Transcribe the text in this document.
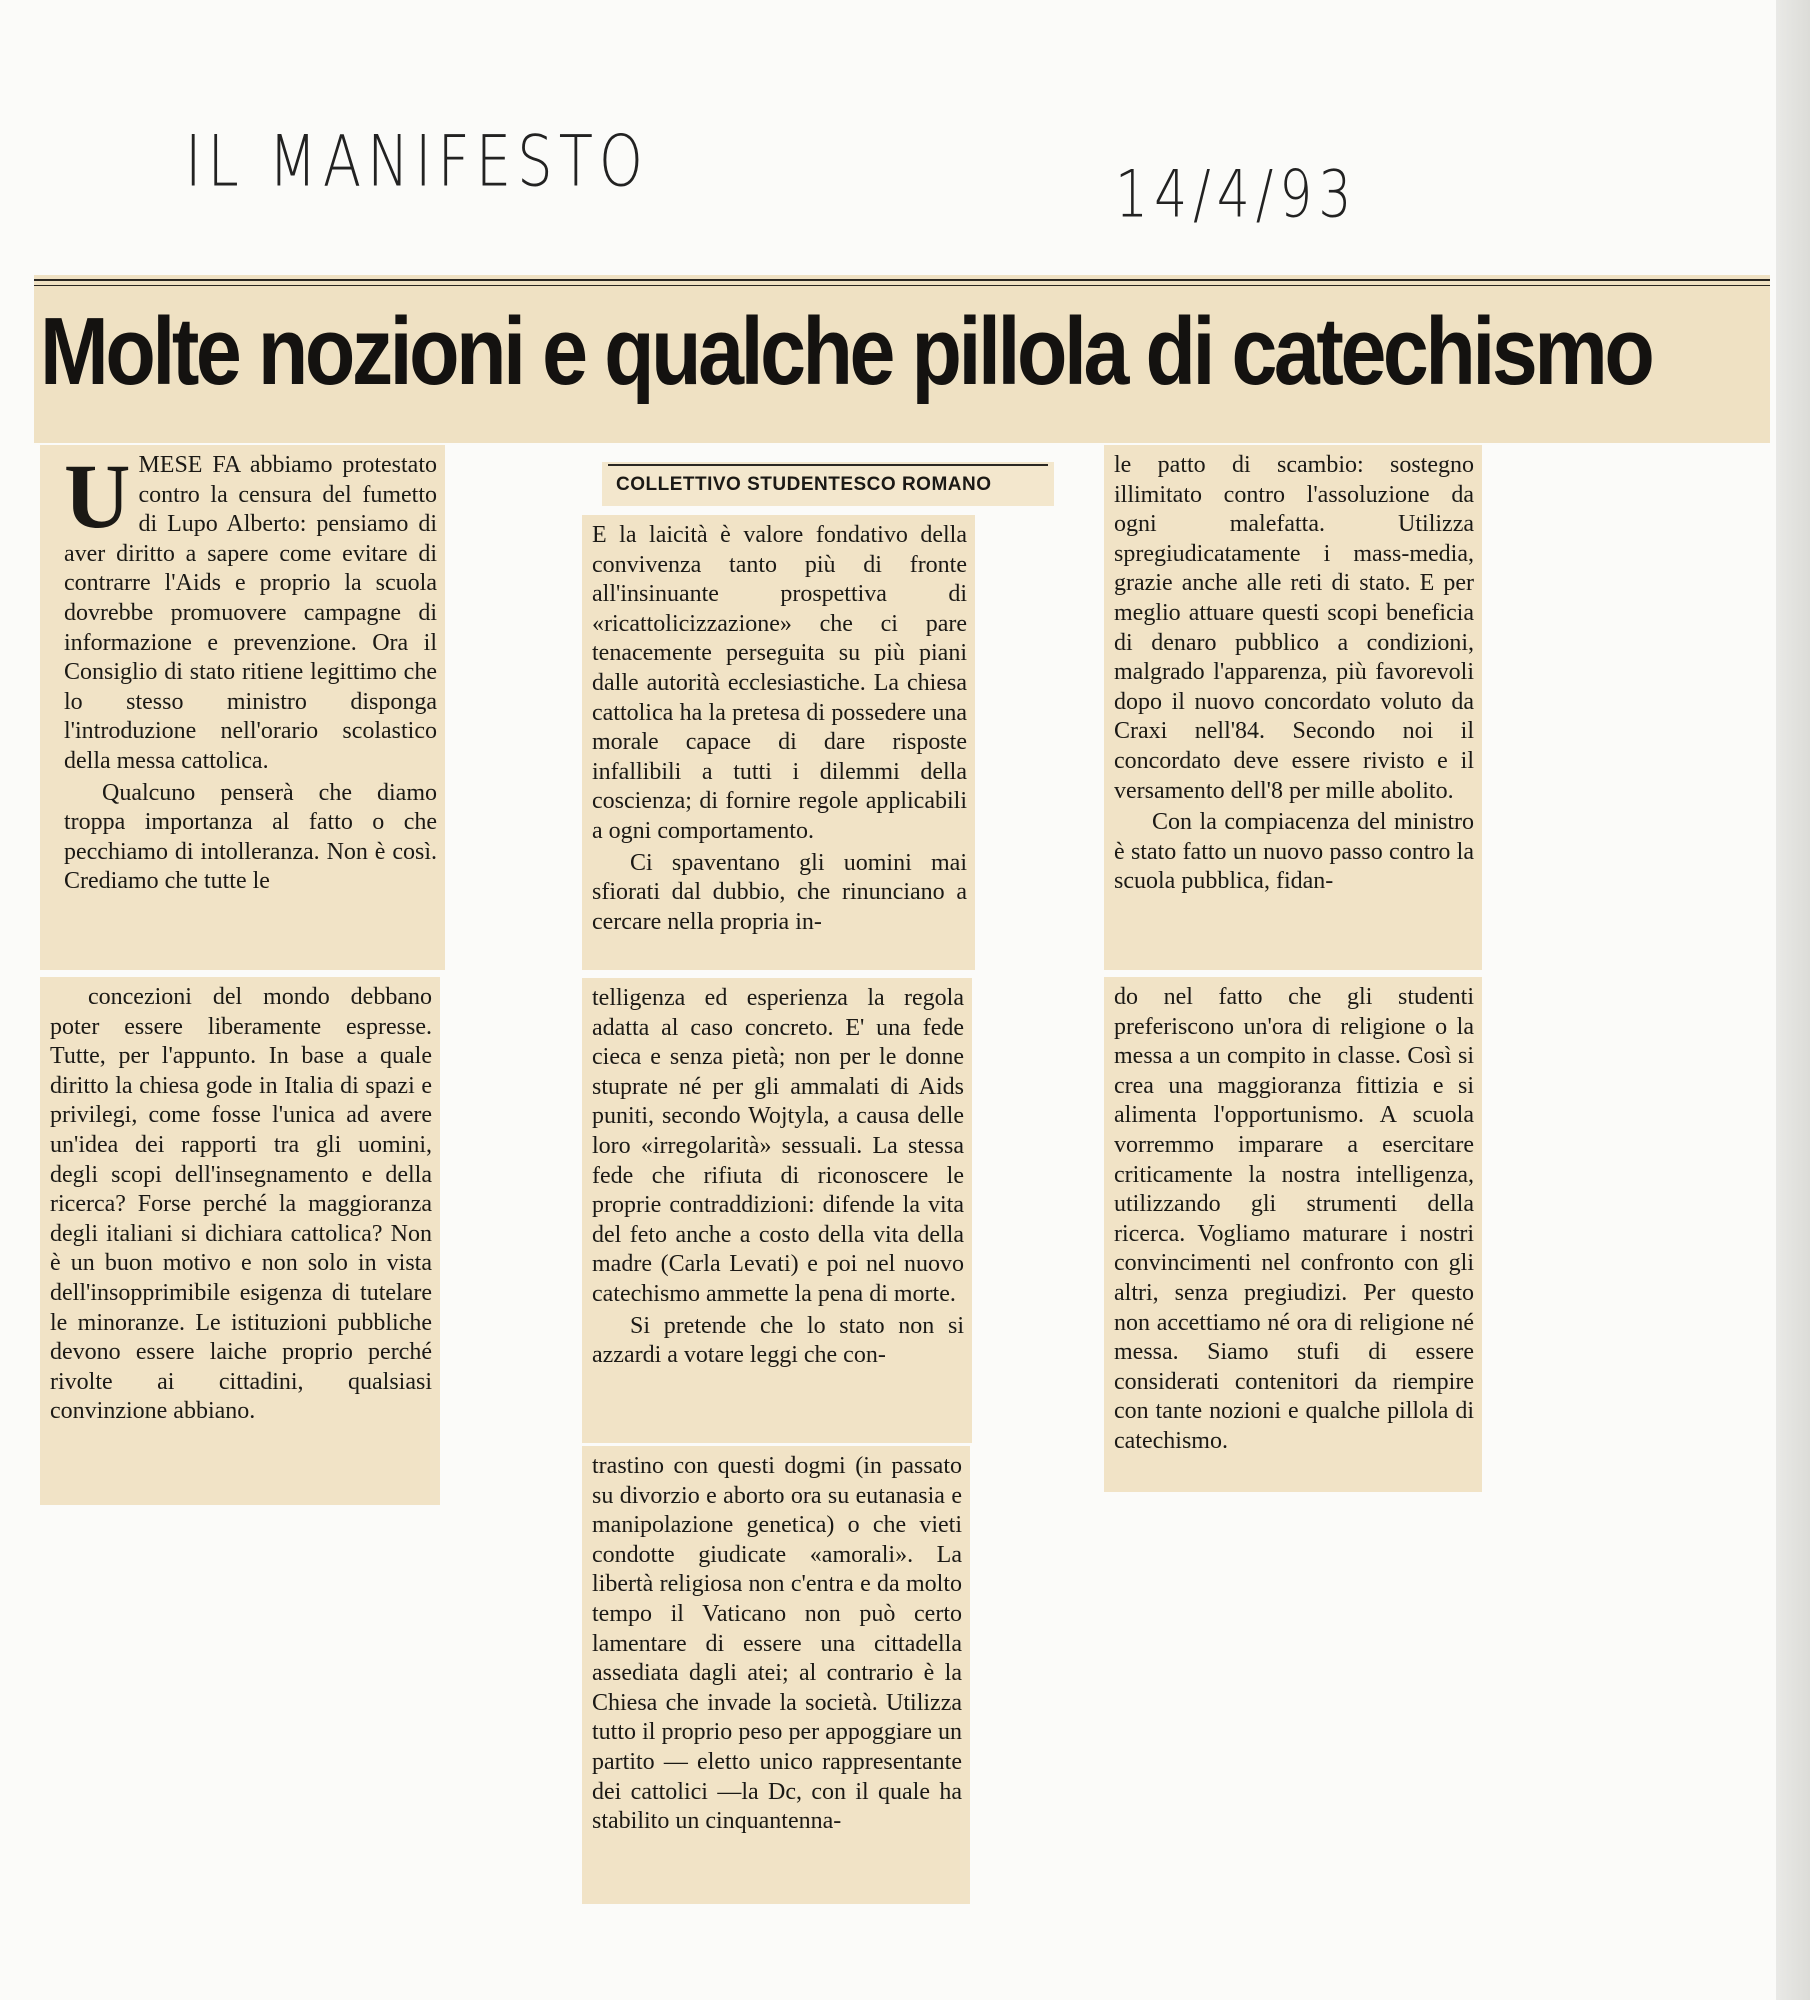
IL MANIFESTO	14/4/93
Molte nozioni e qualche pillola di catechismo
COLLETTIVO STUDENTESCO ROMANO

UMESE FA abbiamo protestato contro la censura del fumetto di Lupo Alberto: pensiamo di aver diritto a sapere come evitare di contrarre l'Aids e proprio la scuola dovrebbe promuovere campagne di informazione e prevenzione. Ora il Consiglio di stato ritiene legittimo che lo stesso ministro disponga l'introduzione nell'orario scolastico della messa cattolica.

Qualcuno penserà che diamo troppa importanza al fatto o che pecchiamo di intolleranza. Non è così. Crediamo che tutte le

concezioni del mondo debbano poter essere liberamente espresse. Tutte, per l'appunto. In base a quale diritto la chiesa gode in Italia di spazi e privilegi, come fosse l'unica ad avere un'idea dei rapporti tra gli uomini, degli scopi dell'insegnamento e della ricerca? Forse perché la maggioranza degli italiani si dichiara cattolica? Non è un buon motivo e non solo in vista dell'insopprimibile esigenza di tutelare le minoranze. Le istituzioni pubbliche devono essere laiche proprio perché rivolte ai cittadini, qualsiasi convinzione abbiano.

E la laicità è valore fondativo della convivenza tanto più di fronte all'insinuante prospettiva di «ricattolicizzazione» che ci pare tenacemente perseguita su più piani dalle autorità ecclesiastiche. La chiesa cattolica ha la pretesa di possedere una morale capace di dare risposte infallibili a tutti i dilemmi della coscienza; di fornire regole applicabili a ogni comportamento.

Ci spaventano gli uomini mai sfiorati dal dubbio, che rinunciano a cercare nella propria in-

telligenza ed esperienza la regola adatta al caso concreto. E' una fede cieca e senza pietà; non per le donne stuprate né per gli ammalati di Aids puniti, secondo Wojtyla, a causa delle loro «irregolarità» sessuali. La stessa fede che rifiuta di riconoscere le proprie contraddizioni: difende la vita del feto anche a costo della vita della madre (Carla Levati) e poi nel nuovo catechismo ammette la pena di morte.

Si pretende che lo stato non si azzardi a votare leggi che con-

trastino con questi dogmi (in passato su divorzio e aborto ora su eutanasia e manipolazione genetica) o che vieti condotte giudicate «amorali». La libertà religiosa non c'entra e da molto tempo il Vaticano non può certo lamentare di essere una cittadella assediata dagli atei; al contrario è la Chiesa che invade la società. Utilizza tutto il proprio peso per appoggiare un partito — eletto unico rappresentante dei cattolici —la Dc, con il quale ha stabilito un cinquantenna-

le patto di scambio: sostegno illimitato contro l'assoluzione da ogni malefatta. Utilizza spregiudicatamente i mass-media, grazie anche alle reti di stato. E per meglio attuare questi scopi beneficia di denaro pubblico a condizioni, malgrado l'apparenza, più favorevoli dopo il nuovo concordato voluto da Craxi nell'84. Secondo noi il concordato deve essere rivisto e il versamento dell'8 per mille abolito.

Con la compiacenza del ministro è stato fatto un nuovo passo contro la scuola pubblica, fidan-

do nel fatto che gli studenti preferiscono un'ora di religione o la messa a un compito in classe. Così si crea una maggioranza fittizia e si alimenta l'opportunismo. A scuola vorremmo imparare a esercitare criticamente la nostra intelligenza, utilizzando gli strumenti della ricerca. Vogliamo maturare i nostri convincimenti nel confronto con gli altri, senza pregiudizi. Per questo non accettiamo né ora di religione né messa. Siamo stufi di essere considerati contenitori da riempire con tante nozioni e qualche pillola di catechismo.
